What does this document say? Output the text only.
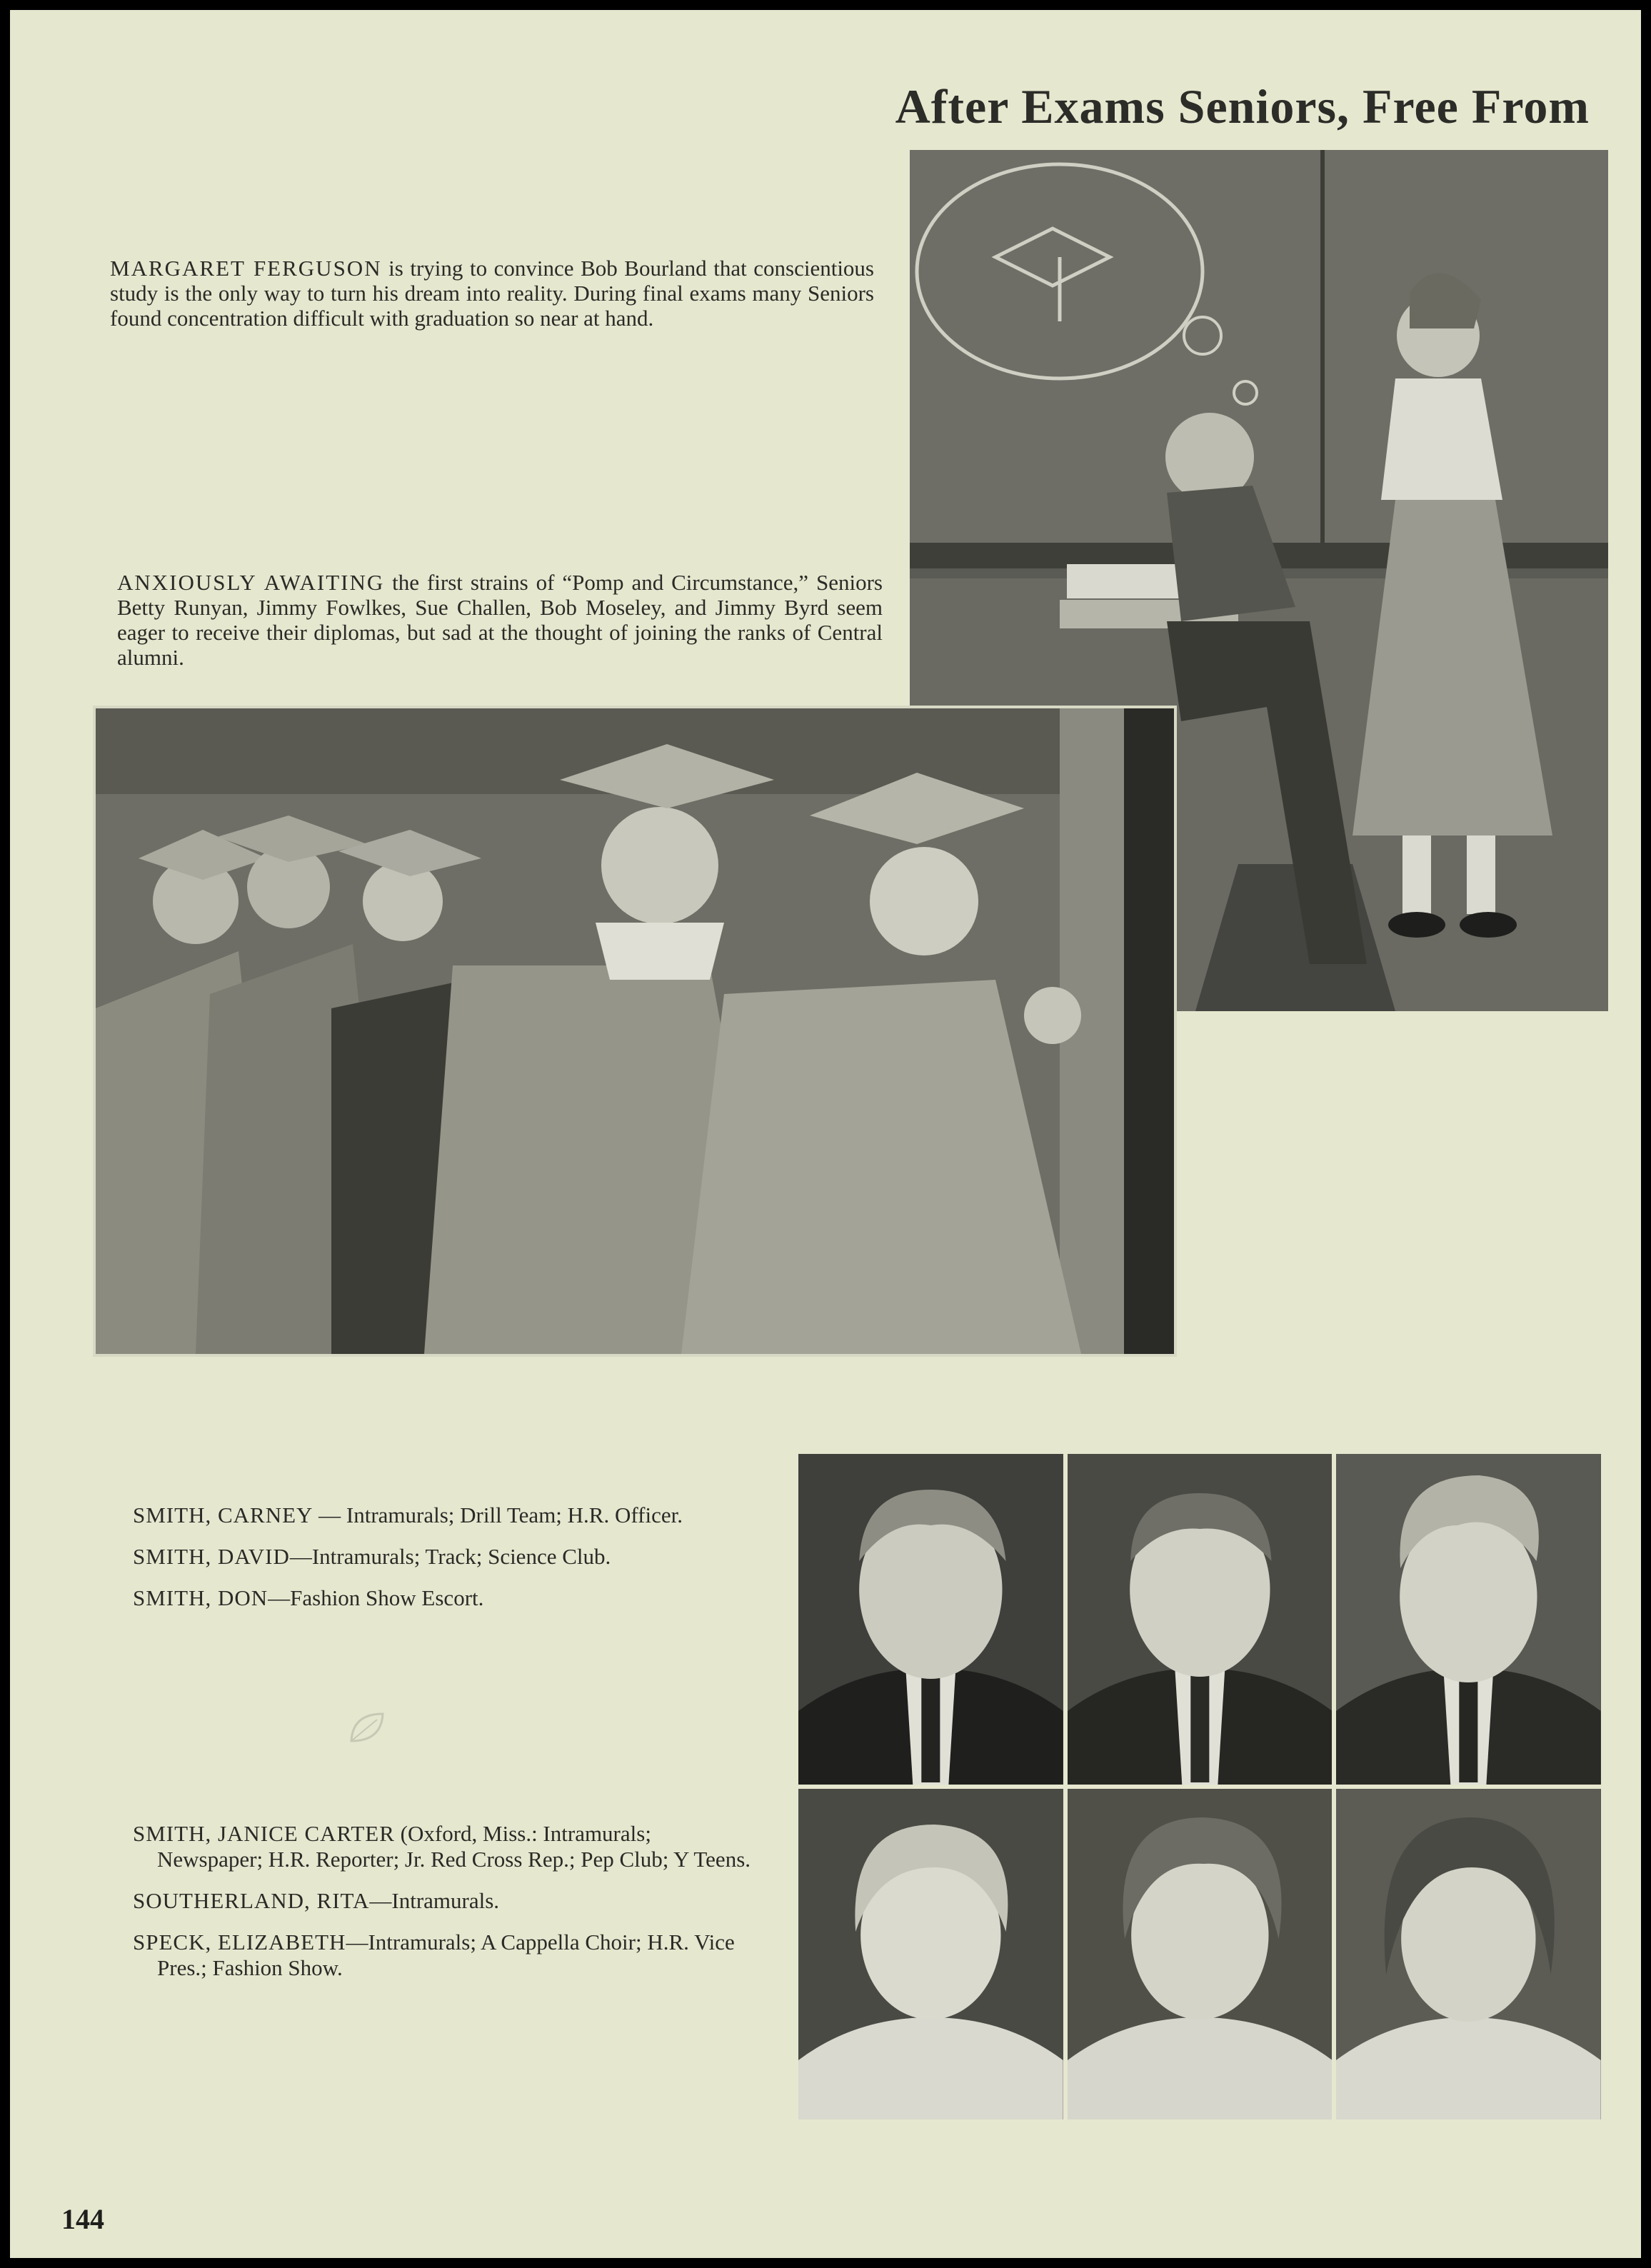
After Exams Seniors, Free From
MARGARET FERGUSON is trying to convince Bob Bourland that conscientious study is the only way to turn his dream into reality. During final exams many Seniors found concentration difficult with graduation so near at hand.
ANXIOUSLY AWAITING the first strains of “Pomp and Circumstance,” Seniors Betty Runyan, Jimmy Fowlkes, Sue Challen, Bob Moseley, and Jimmy Byrd seem eager to receive their diplomas, but sad at the thought of joining the ranks of Central alumni.
SMITH, CARNEY — Intramurals; Drill Team; H.R. Officer.
SMITH, DAVID—Intramurals; Track; Science Club.
SMITH, DON—Fashion Show Escort.
SMITH, JANICE CARTER (Oxford, Miss.: Intramurals; Newspaper; H.R. Reporter; Jr. Red Cross Rep.; Pep Club; Y Teens.
SOUTHERLAND, RITA—Intramurals.
SPECK, ELIZABETH—Intramurals; A Cappella Choir; H.R. Vice Pres.; Fashion Show.
144
